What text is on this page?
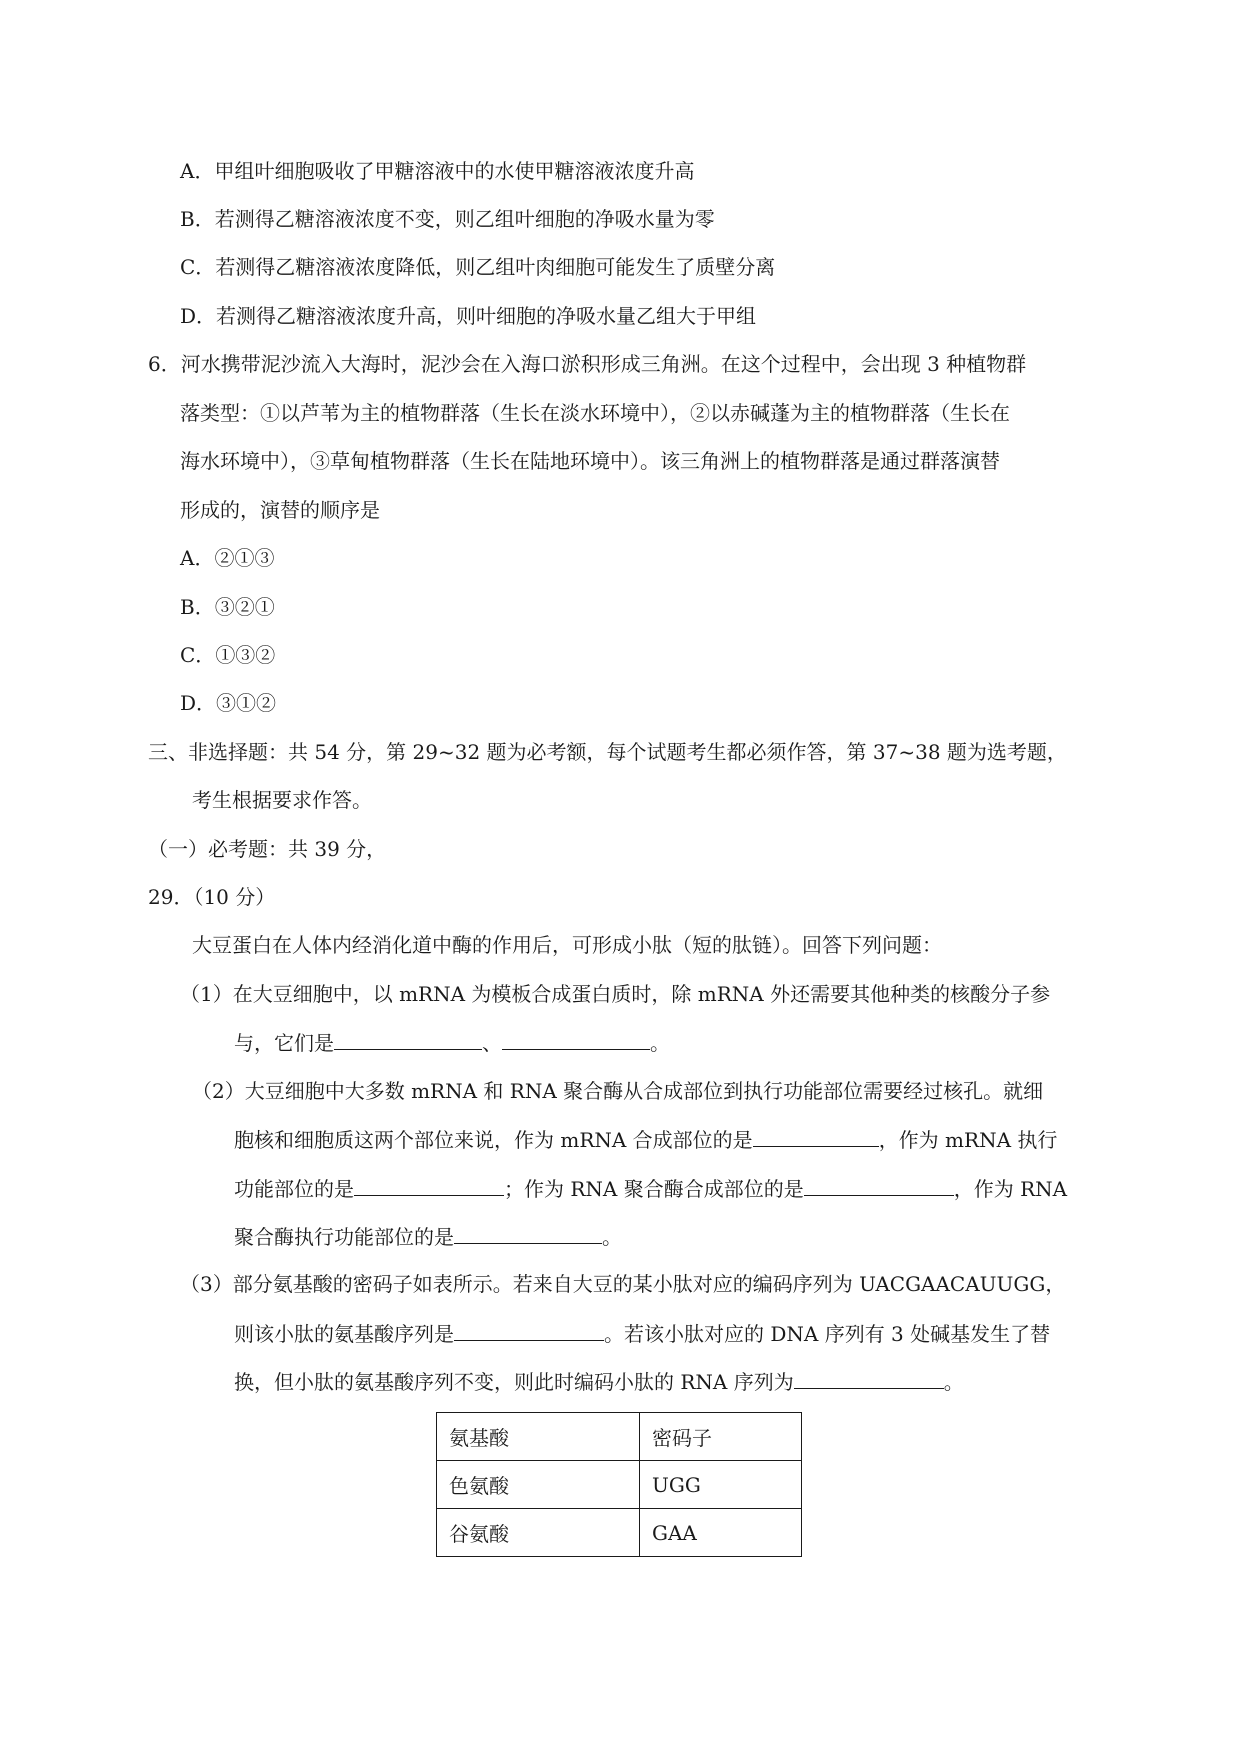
A．甲组叶细胞吸收了甲糖溶液中的水使甲糖溶液浓度升高
B．若测得乙糖溶液浓度不变，则乙组叶细胞的净吸水量为零
C．若测得乙糖溶液浓度降低，则乙组叶肉细胞可能发生了质壁分离
D．若测得乙糖溶液浓度升高，则叶细胞的净吸水量乙组大于甲组
6．河水携带泥沙流入大海时，泥沙会在入海口淤积形成三角洲。在这个过程中，会出现 3 种植物群
落类型：①以芦苇为主的植物群落（生长在淡水环境中），②以赤碱蓬为主的植物群落（生长在
海水环境中），③草甸植物群落（生长在陆地环境中）。该三角洲上的植物群落是通过群落演替
形成的，演替的顺序是
A．②①③
B．③②①
C．①③②
D．③①②
三、非选择题：共 54 分，第 29~32 题为必考额，每个试题考生都必须作答，第 37~38 题为选考题，
考生根据要求作答。
（一）必考题：共 39 分，
29．（10 分）
大豆蛋白在人体内经消化道中酶的作用后，可形成小肽（短的肽链）。回答下列问题：
（1）在大豆细胞中，以 mRNA 为模板合成蛋白质时，除 mRNA 外还需要其他种类的核酸分子参
与，它们是	、	。
（2）大豆细胞中大多数 mRNA 和 RNA 聚合酶从合成部位到执行功能部位需要经过核孔。就细
胞核和细胞质这两个部位来说，作为 mRNA 合成部位的是	，作为 mRNA 执行
功能部位的是	；作为 RNA 聚合酶合成部位的是	，作为 RNA
聚合酶执行功能部位的是	。
（3）部分氨基酸的密码子如表所示。若来自大豆的某小肽对应的编码序列为 UACGAACAUUGG，
则该小肽的氨基酸序列是	。若该小肽对应的 DNA 序列有 3 处碱基发生了替
换，但小肽的氨基酸序列不变，则此时编码小肽的 RNA 序列为	。
氨基酸	密码子
色氨酸	UGG
谷氨酸	GAA
